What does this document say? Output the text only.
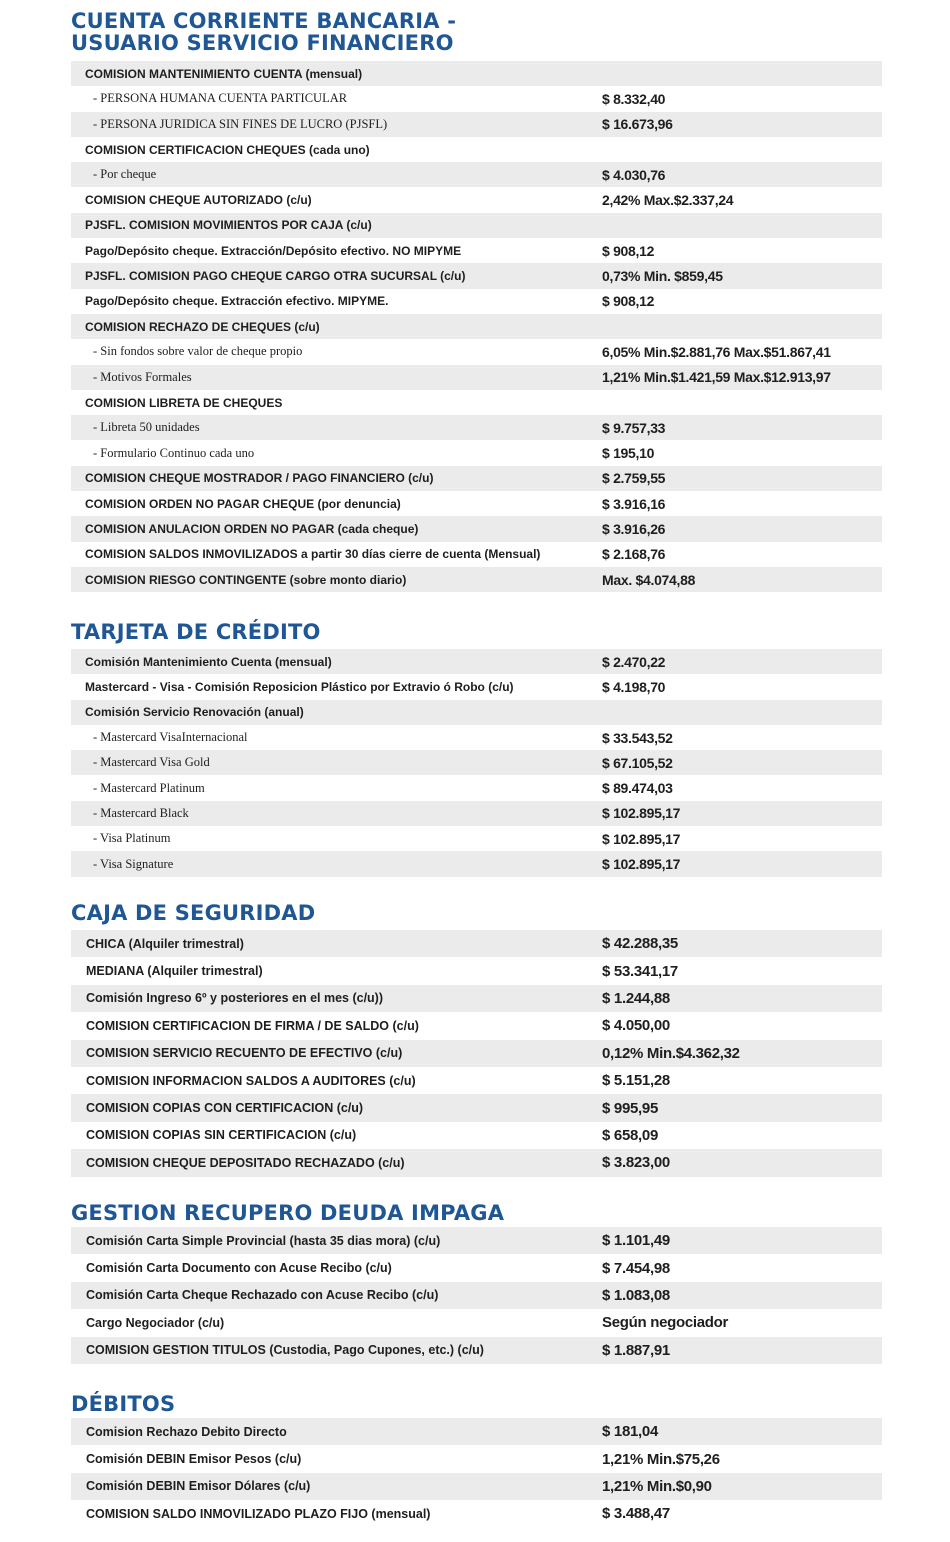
CUENTA CORRIENTE BANCARIA -
USUARIO SERVICIO FINANCIERO
COMISION MANTENIMIENTO CUENTA (mensual)
- PERSONA HUMANA CUENTA PARTICULAR	$ 8.332,40
- PERSONA JURIDICA SIN FINES DE LUCRO (PJSFL)	$ 16.673,96
COMISION CERTIFICACION CHEQUES (cada uno)
- Por cheque	$ 4.030,76
COMISION CHEQUE AUTORIZADO (c/u)	2,42% Max.$2.337,24
PJSFL. COMISION MOVIMIENTOS POR CAJA (c/u)
Pago/Depósito cheque. Extracción/Depósito efectivo. NO MIPYME	$ 908,12
PJSFL. COMISION PAGO CHEQUE CARGO OTRA SUCURSAL (c/u)	0,73% Min. $859,45
Pago/Depósito cheque. Extracción efectivo. MIPYME.	$ 908,12
COMISION RECHAZO DE CHEQUES (c/u)
- Sin fondos sobre valor de cheque propio	6,05% Min.$2.881,76 Max.$51.867,41
- Motivos Formales	1,21% Min.$1.421,59 Max.$12.913,97
COMISION LIBRETA DE CHEQUES
- Libreta 50 unidades	$ 9.757,33
- Formulario Continuo cada uno	$ 195,10
COMISION CHEQUE MOSTRADOR / PAGO FINANCIERO (c/u)	$ 2.759,55
COMISION ORDEN NO PAGAR CHEQUE (por denuncia)	$ 3.916,16
COMISION ANULACION ORDEN NO PAGAR (cada cheque)	$ 3.916,26
COMISION SALDOS INMOVILIZADOS a partir 30 días cierre de cuenta (Mensual)	$ 2.168,76
COMISION RIESGO CONTINGENTE (sobre monto diario)	Max. $4.074,88
TARJETA DE CRÉDITO
Comisión Mantenimiento Cuenta (mensual)	$ 2.470,22
Mastercard - Visa - Comisión Reposicion Plástico por Extravio ó Robo (c/u)	$ 4.198,70
Comisión Servicio Renovación (anual)
- Mastercard VisaInternacional	$ 33.543,52
- Mastercard Visa Gold	$ 67.105,52
- Mastercard Platinum	$ 89.474,03
- Mastercard Black	$ 102.895,17
- Visa Platinum	$ 102.895,17
- Visa Signature	$ 102.895,17
CAJA DE SEGURIDAD
CHICA (Alquiler trimestral)	$ 42.288,35
MEDIANA (Alquiler trimestral)	$ 53.341,17
Comisión Ingreso 6º y posteriores en el mes (c/u))	$ 1.244,88
COMISION CERTIFICACION DE FIRMA / DE SALDO (c/u)	$ 4.050,00
COMISION SERVICIO RECUENTO DE EFECTIVO (c/u)	0,12% Min.$4.362,32
COMISION INFORMACION SALDOS A AUDITORES (c/u)	$ 5.151,28
COMISION COPIAS CON CERTIFICACION (c/u)	$ 995,95
COMISION COPIAS SIN CERTIFICACION (c/u)	$ 658,09
COMISION CHEQUE DEPOSITADO RECHAZADO (c/u)	$ 3.823,00
GESTION RECUPERO DEUDA IMPAGA
Comisión Carta Simple Provincial (hasta 35 dias mora) (c/u)	$ 1.101,49
Comisión Carta Documento con Acuse Recibo (c/u)	$ 7.454,98
Comisión Carta Cheque Rechazado con Acuse Recibo (c/u)	$ 1.083,08
Cargo Negociador (c/u)	Según negociador
COMISION GESTION TITULOS (Custodia, Pago Cupones, etc.) (c/u)	$ 1.887,91
DÉBITOS
Comision Rechazo Debito Directo	$ 181,04
Comisión DEBIN Emisor Pesos (c/u)	1,21% Min.$75,26
Comisión DEBIN Emisor Dólares (c/u)	1,21% Min.$0,90
COMISION SALDO INMOVILIZADO PLAZO FIJO (mensual)	$ 3.488,47
